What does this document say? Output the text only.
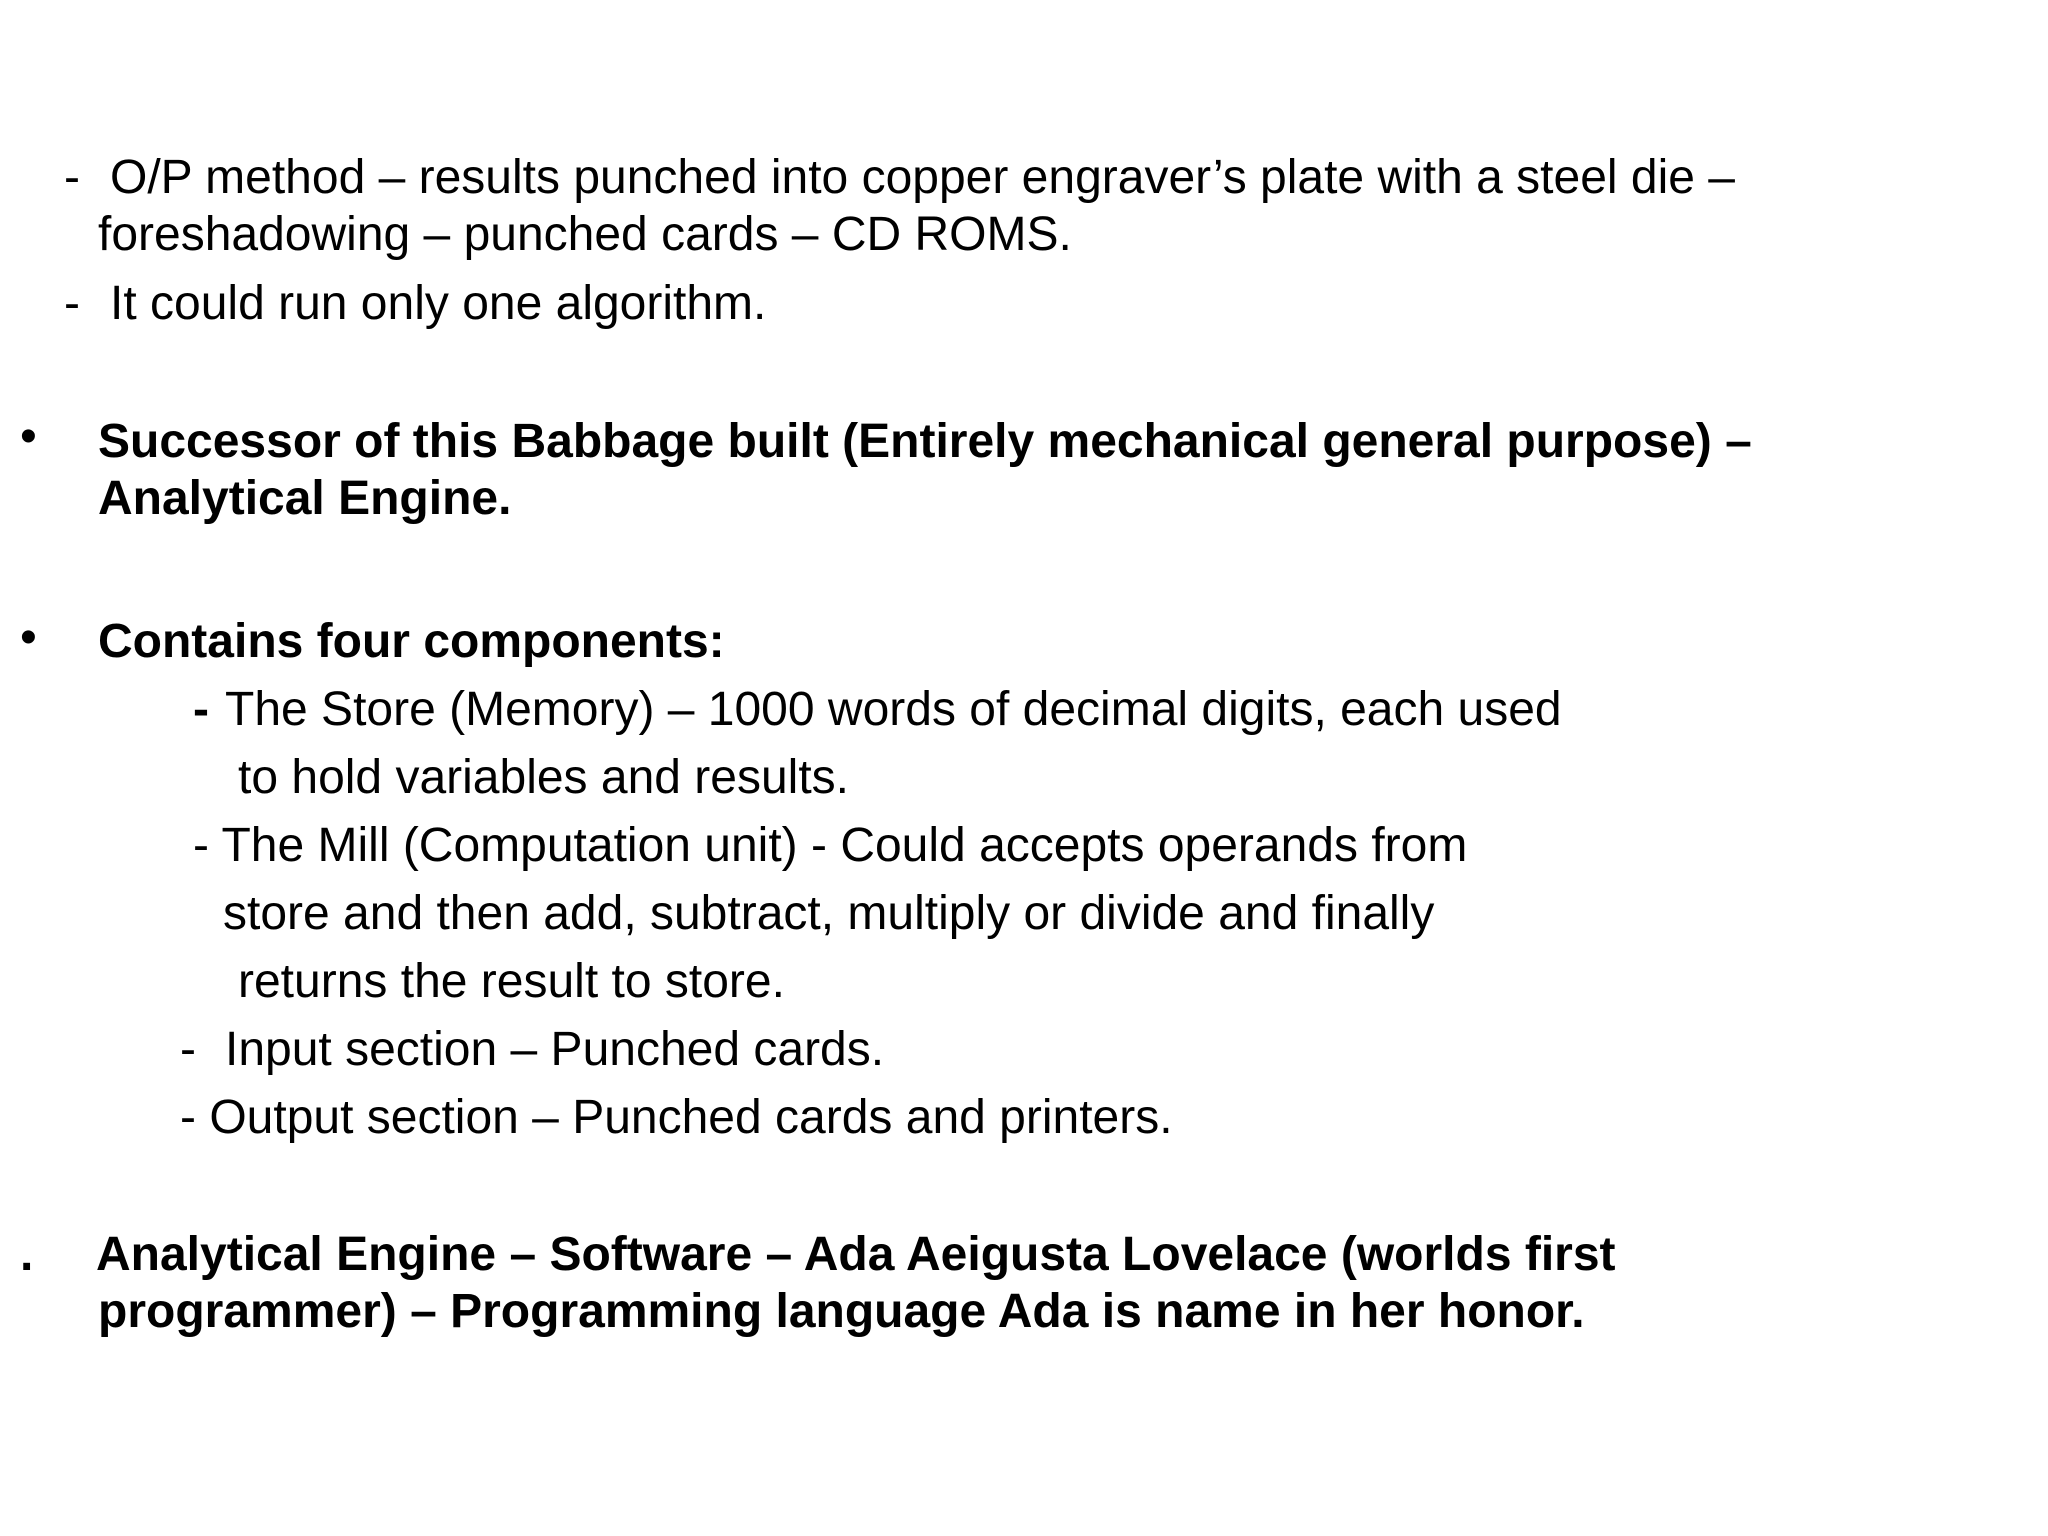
- O/P method – results punched into copper engraver’s plate with a steel die –
foreshadowing – punched cards – CD ROMS.
- It could run only one algorithm.
• Successor of this Babbage built (Entirely mechanical general purpose) –
Analytical Engine.
• Contains four components:
- The Store (Memory) – 1000 words of decimal digits, each used
to hold variables and results.
- The Mill (Computation unit) - Could accepts operands from
store and then add, subtract, multiply or divide and finally
returns the result to store.
- Input section – Punched cards.
- Output section – Punched cards and printers.
. Analytical Engine – Software – Ada Aeigusta Lovelace (worlds first
programmer) – Programming language Ada is name in her honor.
